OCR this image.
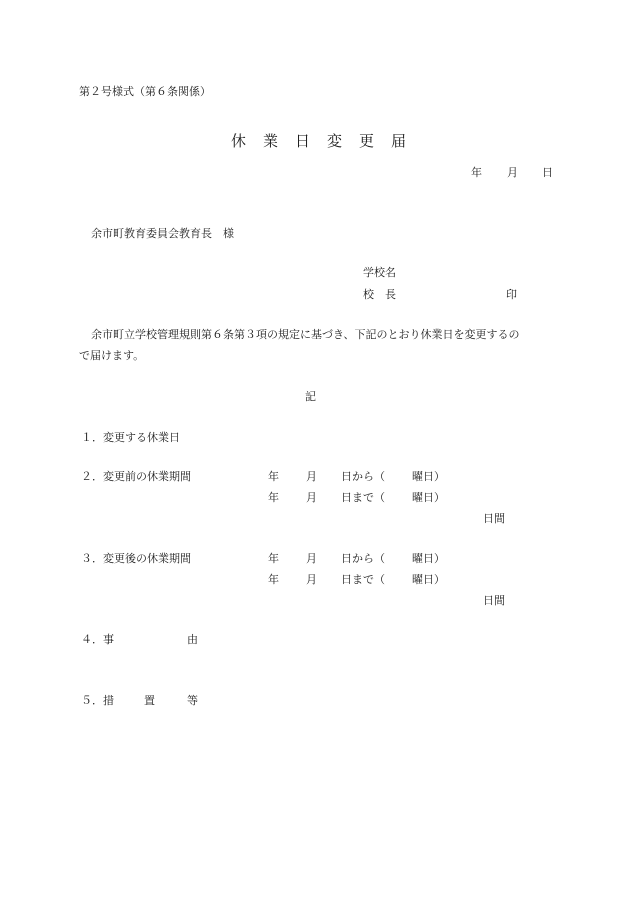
第２号様式（第６条関係）
休 業 日 変 更 届
年 月 日
余市町教育委員会教育長　様
学校名
校　長	印
余市町立学校管理規則第６条第３項の規定に基づき、下記のとおり休業日を変更するの
で届けます。
記
１．変更する休業日
２．変更前の休業期間	年 月 日から（ 曜日）
年 月 日まで（ 曜日）
日間
３．変更後の休業期間	年 月 日から（ 曜日）
年 月 日まで（ 曜日）
日間
４．事	由
５．措	置	等
